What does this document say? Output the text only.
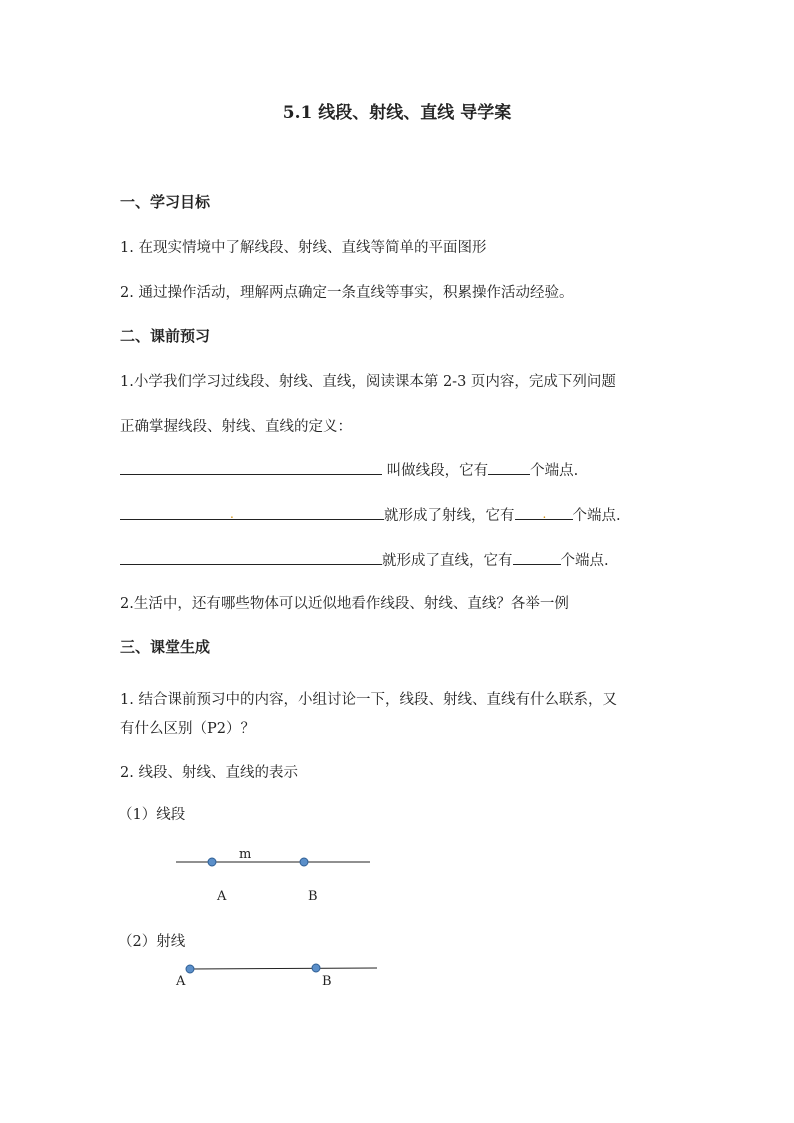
5.1 线段、射线、直线 导学案
一、学习目标
1. 在现实情境中了解线段、射线、直线等简单的平面图形
2. 通过操作活动，理解两点确定一条直线等事实，积累操作活动经验。
二、课前预习
1.小学我们学习过线段、射线、直线，阅读课本第 2-3 页内容，完成下列问题
正确掌握线段、射线、直线的定义：
叫做线段，它有	个端点.
.	就形成了射线，它有 . 个端点.
就形成了直线，它有	个端点.
2.生活中，还有哪些物体可以近似地看作线段、射线、直线？各举一例
三、课堂生成
1. 结合课前预习中的内容，小组讨论一下，线段、射线、直线有什么联系，又
有什么区别（P2）？
2. 线段、射线、直线的表示
（1）线段
m
A	B
（2）射线
A	B
